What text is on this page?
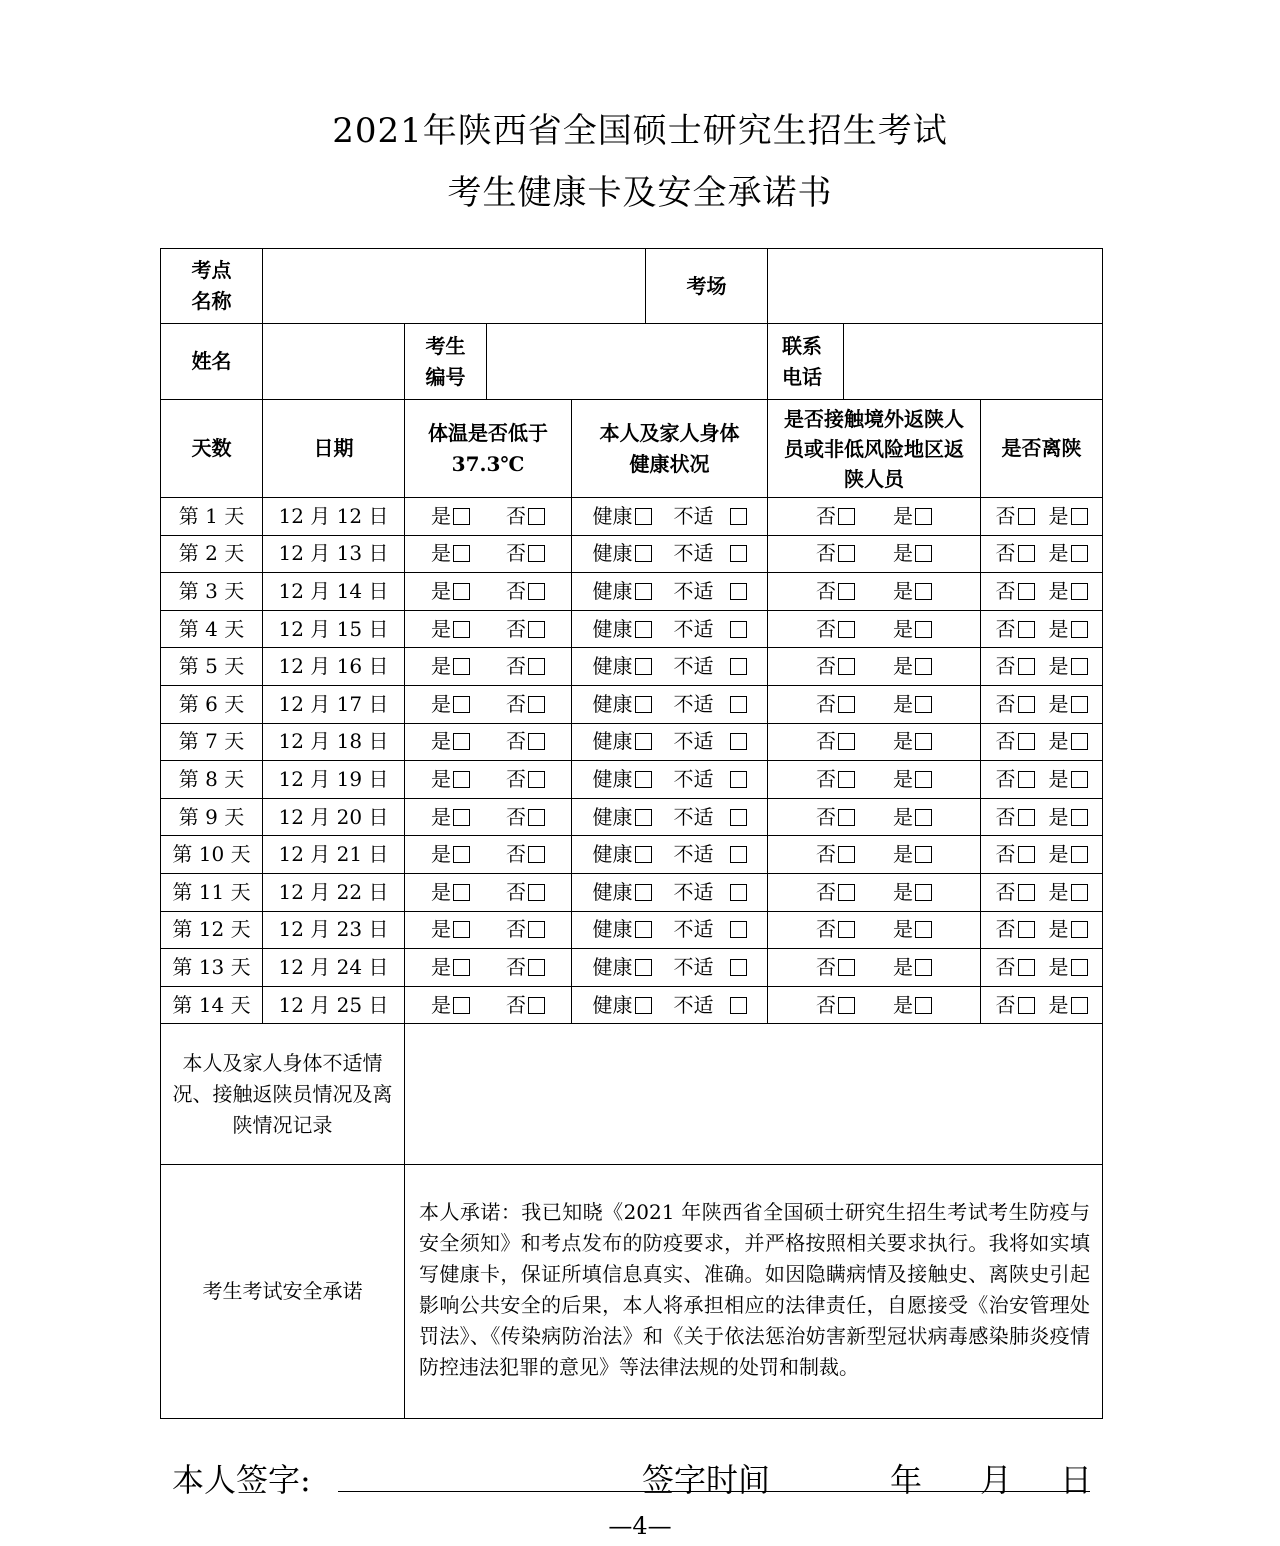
2021年陕西省全国硕士研究生招生考试
考生健康卡及安全承诺书
考点名称					考场			
姓名		考生编号				联系电话		

天数	日期	体温是否低于37.3℃		本人及家人身体健康状况		是否接触境外返陕人员或非低风险地区返陕人员		是否离陕
第 1 天	12 月 12 日	是 否		健康 不适		否 是		否 是
第 2 天	12 月 13 日	是 否		健康 不适		否 是		否 是
第 3 天	12 月 14 日	是 否		健康 不适		否 是		否 是
第 4 天	12 月 15 日	是 否		健康 不适		否 是		否 是
第 5 天	12 月 16 日	是 否		健康 不适		否 是		否 是
第 6 天	12 月 17 日	是 否		健康 不适		否 是		否 是
第 7 天	12 月 18 日	是 否		健康 不适		否 是		否 是
第 8 天	12 月 19 日	是 否		健康 不适		否 是		否 是
第 9 天	12 月 20 日	是 否		健康 不适		否 是		否 是
第 10 天	12 月 21 日	是 否		健康 不适		否 是		否 是
第 11 天	12 月 22 日	是 否		健康 不适		否 是		否 是
第 12 天	12 月 23 日	是 否		健康 不适		否 是		否 是
第 13 天	12 月 24 日	是 否		健康 不适		否 是		否 是
第 14 天	12 月 25 日	是 否		健康 不适		否 是		否 是

本人及家人身体不适情况、接触返陕员情况及离陕情况记录								

考生考试安全承诺		本人承诺：我已知晓《2021 年陕西省全国硕士研究生招生考试考生防疫与安全须知》和考点发布的防疫要求，并严格按照相关要求执行。我将如实填写健康卡，保证所填信息真实、准确。如因隐瞒病情及接触史、离陕史引起影响公共安全的后果，本人将承担相应的法律责任，自愿接受《治安管理处罚法》、《传染病防治法》和《关于依法惩治妨害新型冠状病毒感染肺炎疫情防控违法犯罪的意见》等法律法规的处罚和制裁。						
本人签字:	签字时间	年 月 日
—4—
